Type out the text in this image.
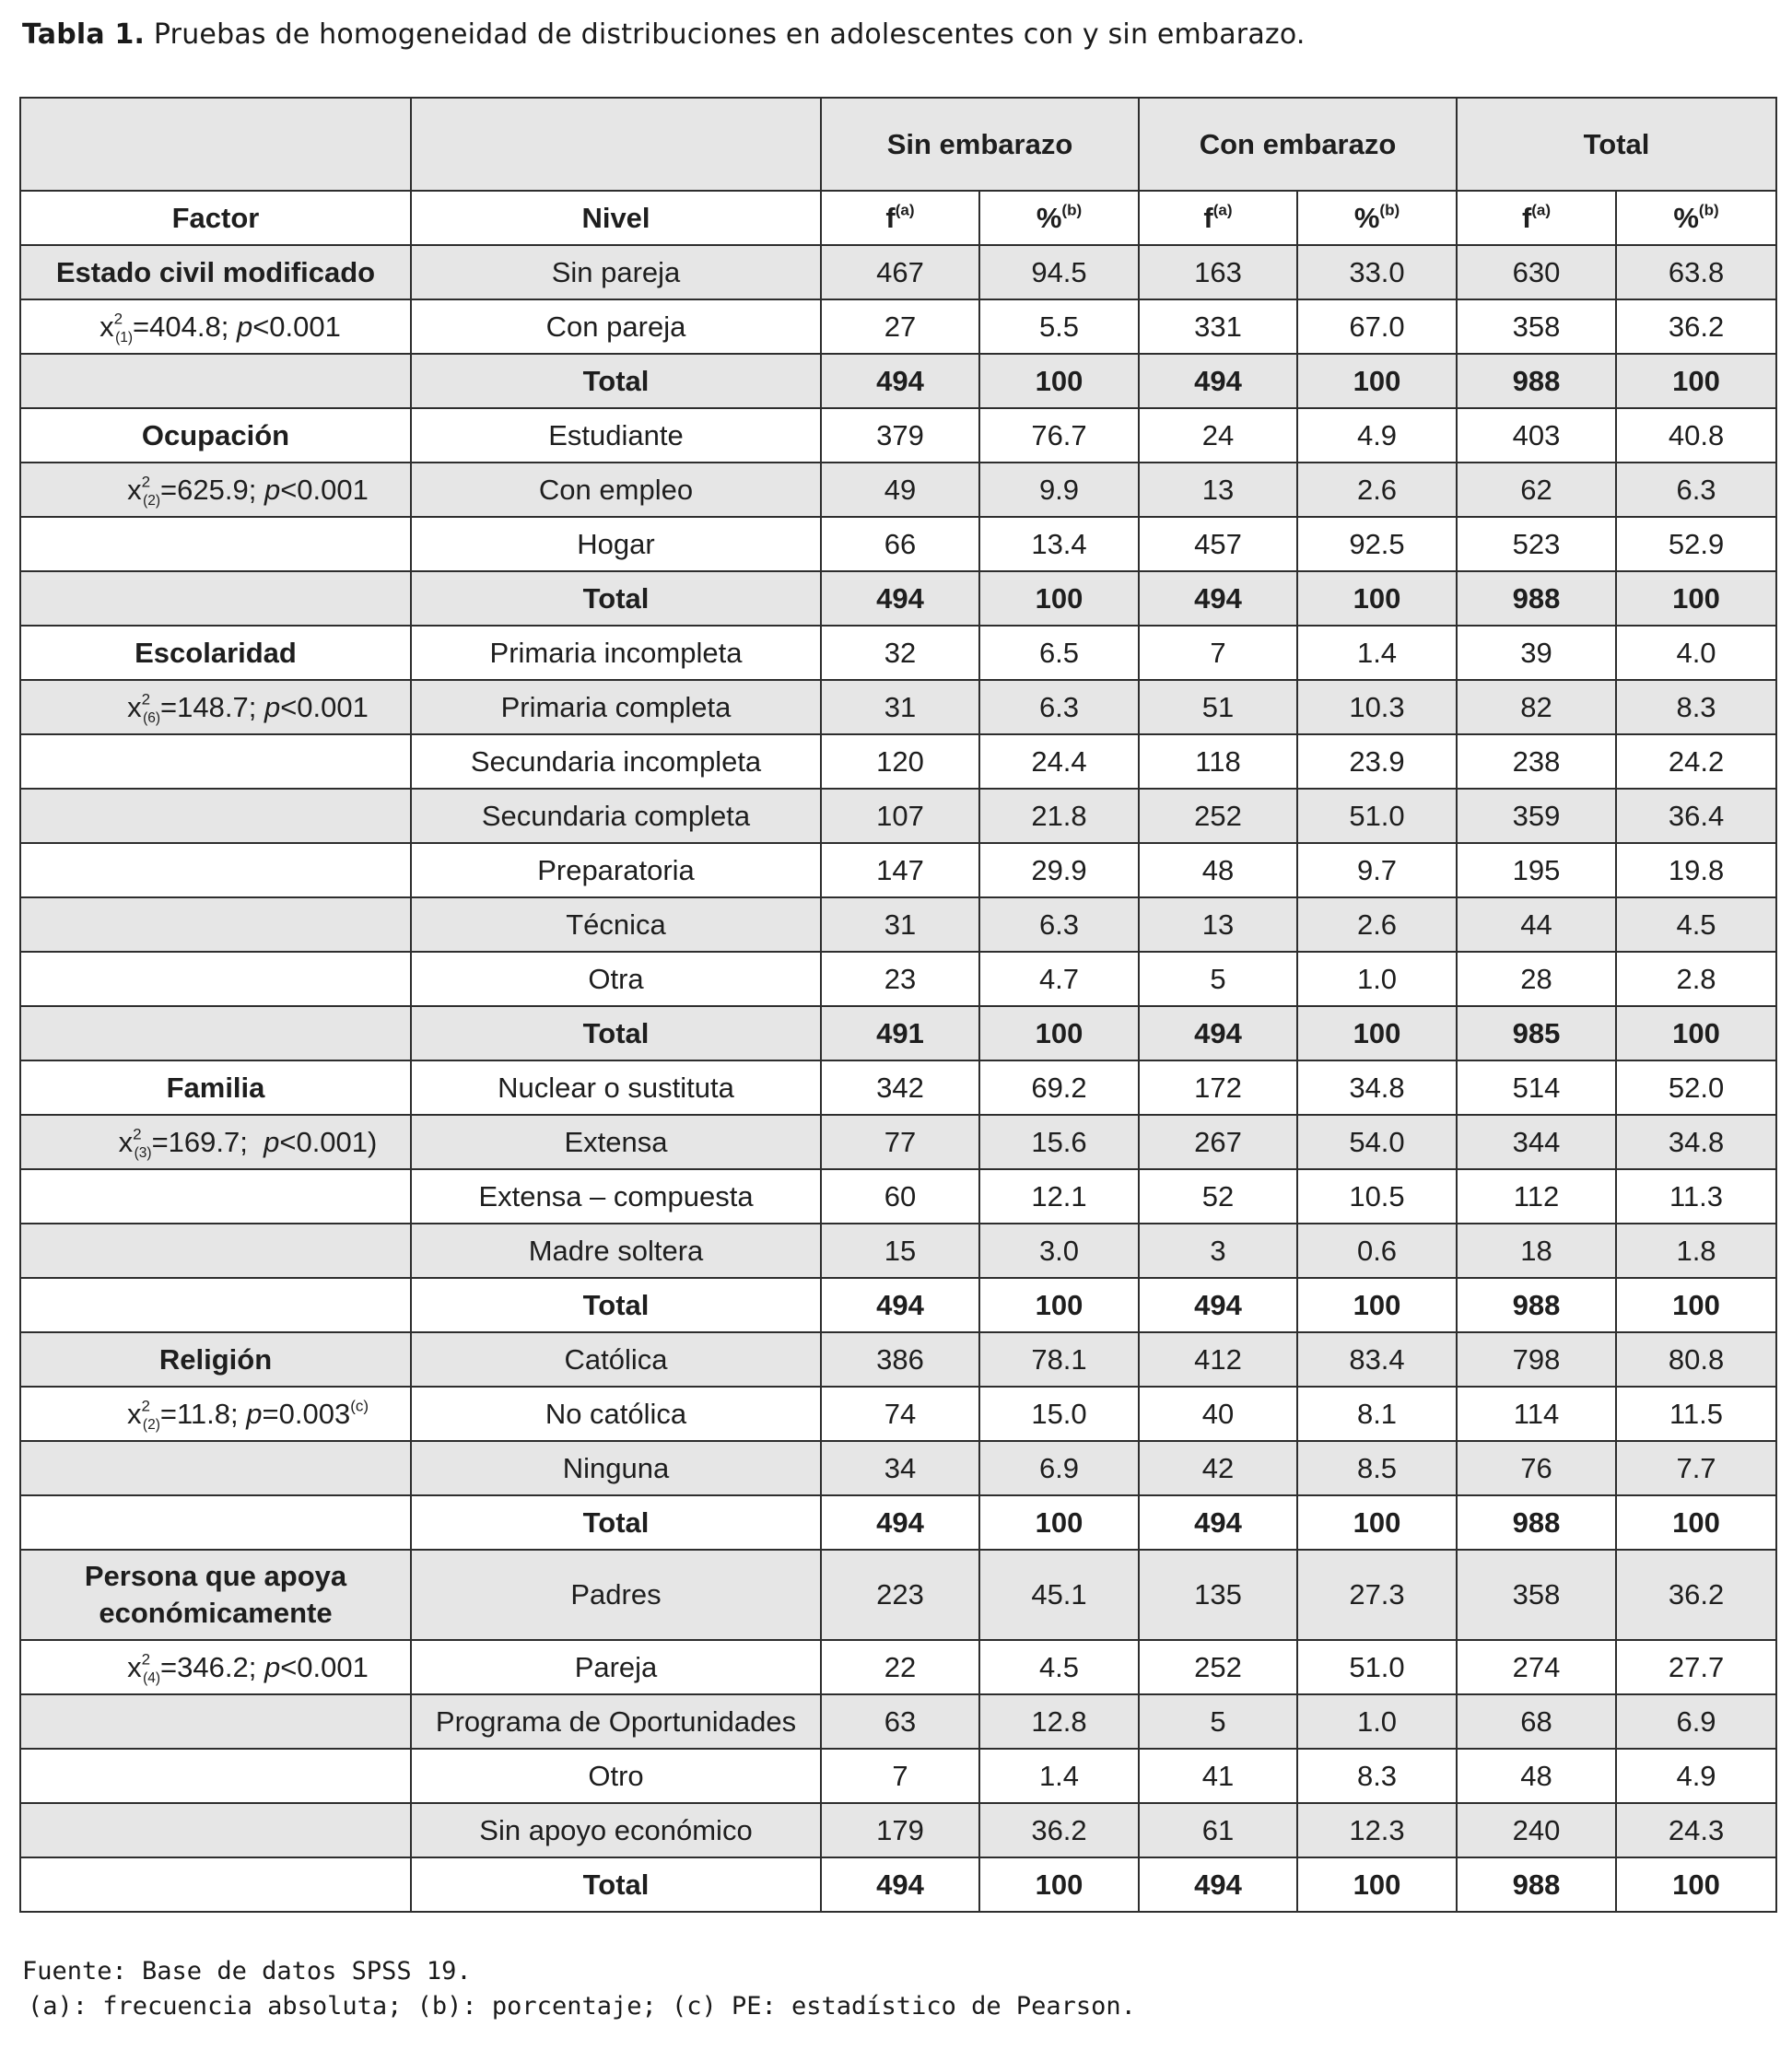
Tabla 1. Pruebas de homogeneidad de distribuciones en adolescentes con y sin embarazo.
		Sin embarazo		Con embarazo		Total	
Factor	Nivel	$f^{(a)}$	%$^{(b)}$	$f^{(a)}$	%$^{(b)}$	$f^{(a)}$	%$^{(b)}$
Estado civil modificado	Sin pareja	467	94.5	163	33.0	630	63.8
$x^2_{(1)}=404.8$; p<0.001	Con pareja	27	5.5	331	67.0	358	36.2
	Total	494	100	494	100	988	100
Ocupación	Estudiante	379	76.7	24	4.9	403	40.8
$x^2_{(2)}=625.9$; p<0.001	Con empleo	49	9.9	13	2.6	62	6.3
	Hogar	66	13.4	457	92.5	523	52.9
	Total	494	100	494	100	988	100
Escolaridad	Primaria incompleta	32	6.5	7	1.4	39	4.0
$x^2_{(6)}=148.7$; p<0.001	Primaria completa	31	6.3	51	10.3	82	8.3
	Secundaria incompleta	120	24.4	118	23.9	238	24.2
	Secundaria completa	107	21.8	252	51.0	359	36.4
	Preparatoria	147	29.9	48	9.7	195	19.8
	Técnica	31	6.3	13	2.6	44	4.5
	Otra	23	4.7	5	1.0	28	2.8
	Total	491	100	494	100	985	100
Familia	Nuclear o sustituta	342	69.2	172	34.8	514	52.0
$x^2_{(3)}=169.7$;  p<0.001)	Extensa	77	15.6	267	54.0	344	34.8
	Extensa – compuesta	60	12.1	52	10.5	112	11.3
	Madre soltera	15	3.0	3	0.6	18	1.8
	Total	494	100	494	100	988	100
Religión	Católica	386	78.1	412	83.4	798	80.8
$x^2_{(2)}=11.8$; $p=0.003^{(c)}$	No católica	74	15.0	40	8.1	114	11.5
	Ninguna	34	6.9	42	8.5	76	7.7
	Total	494	100	494	100	988	100
Persona que apoya
económicamente	Padres	223	45.1	135	27.3	358	36.2
$x^2_{(4)}=346.2$; p<0.001	Pareja	22	4.5	252	51.0	274	27.7
	Programa de Oportunidades	63	12.8	5	1.0	68	6.9
	Otro	7	1.4	41	8.3	48	4.9
	Sin apoyo económico	179	36.2	61	12.3	240	24.3
	Total	494	100	494	100	988	100
Fuente: Base de datos SPSS 19.
(a): frecuencia absoluta; (b): porcentaje; (c) PE: estadístico de Pearson.
